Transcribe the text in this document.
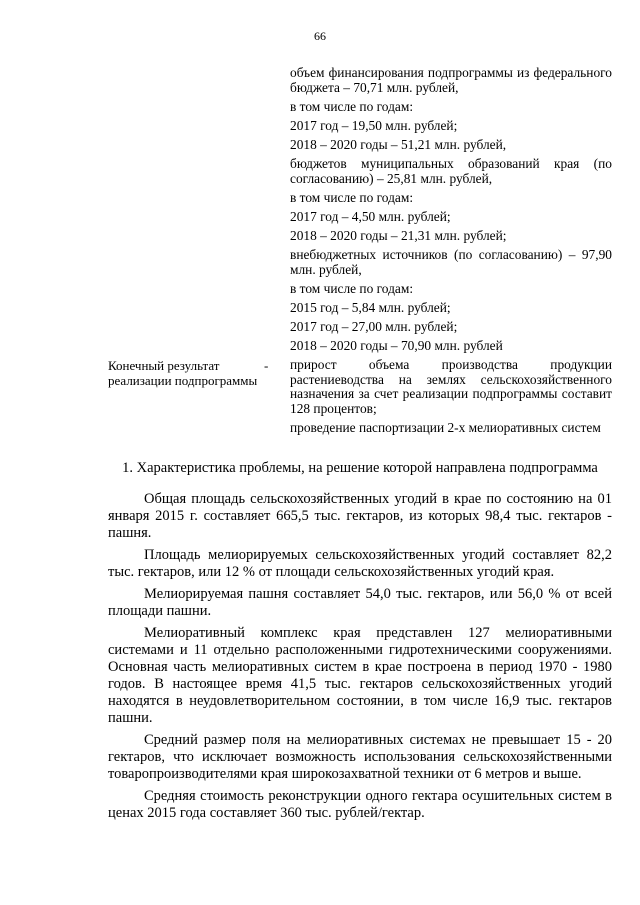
66
объем финансирования подпрограммы из федерального бюджета – 70,71 млн. рублей,
в том числе по годам:
2017 год – 19,50 млн. рублей;
2018 – 2020 годы – 51,21 млн. рублей,
бюджетов муниципальных образований края (по согласованию) – 25,81 млн. рублей,
в том числе по годам:
2017 год – 4,50 млн. рублей;
2018 – 2020 годы – 21,31 млн. рублей;
внебюджетных источников (по согласованию) – 97,90 млн. рублей,
в том числе по годам:
2015 год – 5,84 млн. рублей;
2017 год – 27,00 млн. рублей;
2018 – 2020 годы – 70,90 млн. рублей
Конечный результат реализации подпрограммы
-	прирост объема производства продукции растениеводства на землях сельскохозяйственного назначения за счет реализации подпрограммы составит 128 процентов;
проведение паспортизации 2-х мелиоративных систем
1. Характеристика проблемы, на решение которой направлена подпрограмма

Общая площадь сельскохозяйственных угодий в крае по состоянию на 01 января 2015 г. составляет 665,5 тыс. гектаров, из которых 98,4 тыс. гектаров - пашня.

Площадь мелиорируемых сельскохозяйственных угодий составляет 82,2 тыс. гектаров, или 12 % от площади сельскохозяйственных угодий края.

Мелиорируемая пашня составляет 54,0 тыс. гектаров, или 56,0 % от всей площади пашни.

Мелиоративный комплекс края представлен 127 мелиоративными системами и 11 отдельно расположенными гидротехническими сооружениями. Основная часть мелиоративных систем в крае построена в период 1970 - 1980 годов. В настоящее время 41,5 тыс. гектаров сельскохозяйственных угодий находятся в неудовлетворительном состоянии, в том числе 16,9 тыс. гектаров пашни.

Средний размер поля на мелиоративных системах не превышает 15 - 20 гектаров, что исключает возможность использования сельскохозяйственными товаропроизводителями края широкозахватной техники от 6 метров и выше.

Средняя стоимость реконструкции одного гектара осушительных систем в ценах 2015 года составляет 360 тыс. рублей/гектар.
